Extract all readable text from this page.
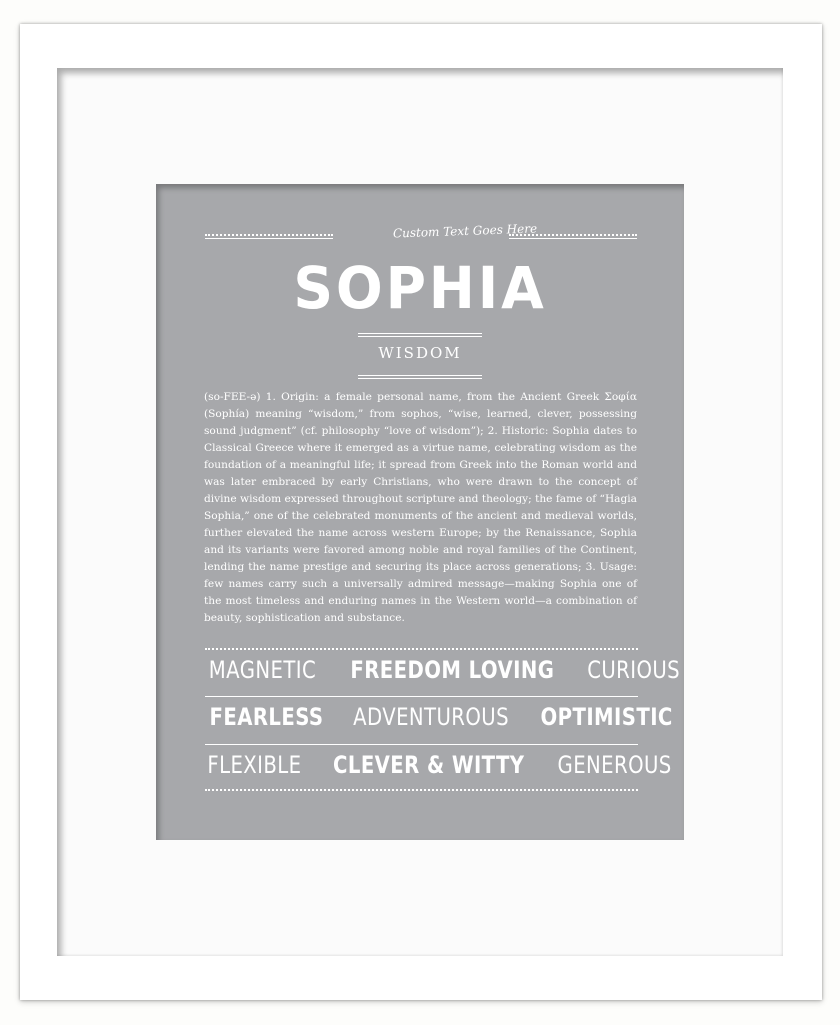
Custom Text Goes Here
SOPHIA
WISDOM
(so-FEE-ə) 1. Origin: a female personal name, from the Ancient Greek Σοφία (Sophía) meaning “wisdom,” from sophos, “wise, learned, clever, possessing sound judgment” (cf. philosophy “love of wisdom”); 2. Historic: Sophia dates to Classical Greece where it emerged as a virtue name, celebrating wisdom as the foundation of a meaningful life; it spread from Greek into the Roman world and was later embraced by early Christians, who were drawn to the concept of divine wisdom expressed throughout scripture and theology; the fame of “Hagia Sophia,” one of the celebrated monuments of the ancient and medieval worlds, further elevated the name across western Europe; by the Renaissance, Sophia and its variants were favored among noble and royal families of the Continent, lending the name prestige and securing its place across generations; 3. Usage: few names carry such a universally admired message—making Sophia one of the most timeless and enduring names in the Western world—a combination of beauty, sophistication and substance.
MAGNETIC FREEDOM LOVING CURIOUS
FEARLESS ADVENTUROUS OPTIMISTIC
FLEXIBLE CLEVER & WITTY GENEROUS
